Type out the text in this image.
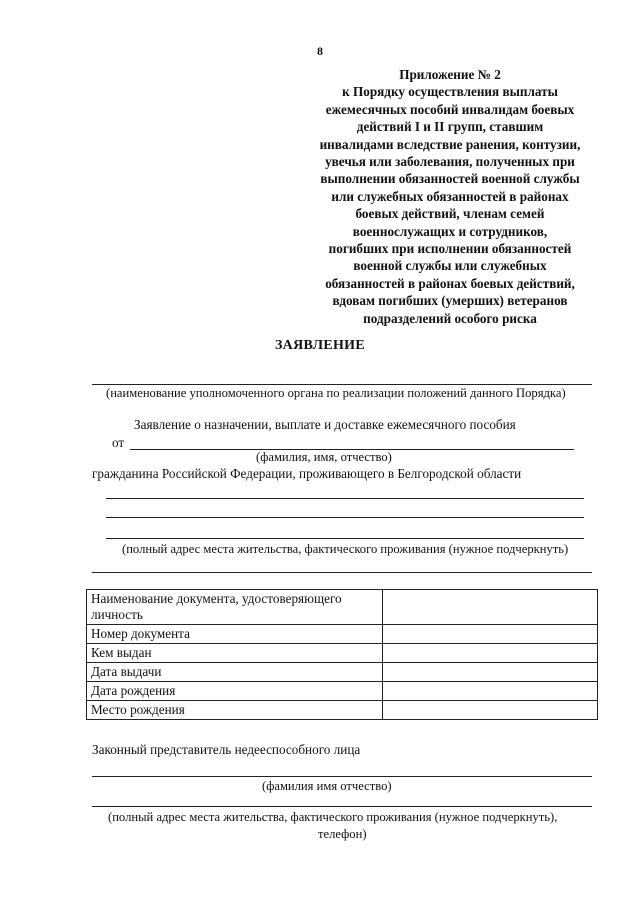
8
Приложение № 2
к Порядку осуществления выплаты
ежемесячных пособий инвалидам боевых
действий I и II групп, ставшим
инвалидами вследствие ранения, контузии,
увечья или заболевания, полученных при
выполнении обязанностей военной службы
или служебных обязанностей в районах
боевых действий, членам семей
военнослужащих и сотрудников,
погибших при исполнении обязанностей
военной службы или служебных
обязанностей в районах боевых действий,
вдовам погибших (умерших) ветеранов
подразделений особого риска
ЗАЯВЛЕНИЕ
(наименование уполномоченного органа по реализации положений данного Порядка)
Заявление о назначении, выплате и доставке ежемесячного пособия
от
(фамилия, имя, отчество)
гражданина Российской Федерации, проживающего в Белгородской области
(полный адрес места жительства, фактического проживания (нужное подчеркнуть)
Наименование документа, удостоверяющего
личность	

Номер документа	
Кем выдан	
Дата выдачи	
Дата рождения	
Место рождения	
Законный представитель недееспособного лица
(фамилия имя отчество)
(полный адрес места жительства, фактического проживания (нужное подчеркнуть),
телефон)
